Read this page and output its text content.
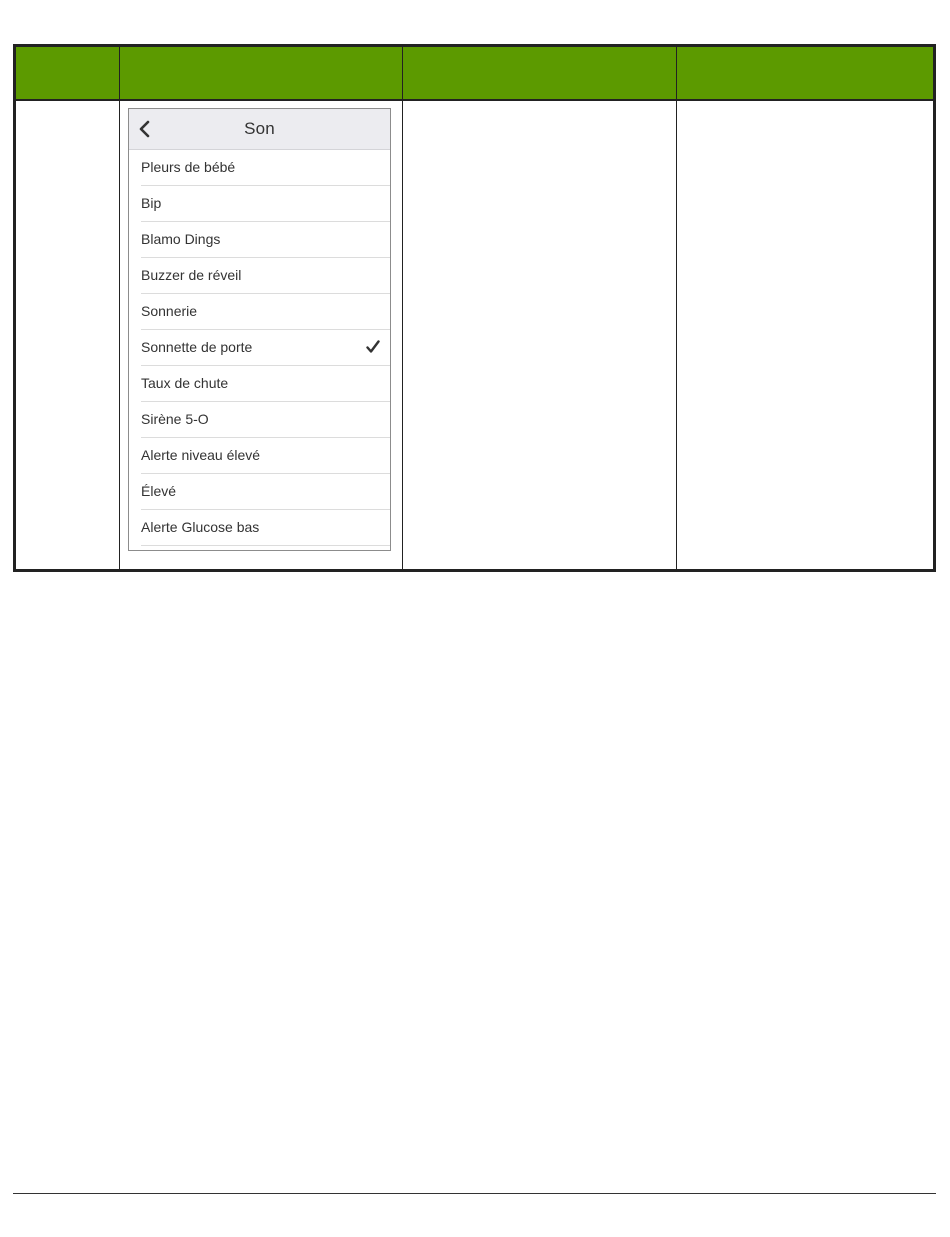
Son
Pleurs de bébé
Bip
Blamo Dings
Buzzer de réveil
Sonnerie
Sonnette de porte
Taux de chute
Sirène 5-O
Alerte niveau élevé
Élevé
Alerte Glucose bas
